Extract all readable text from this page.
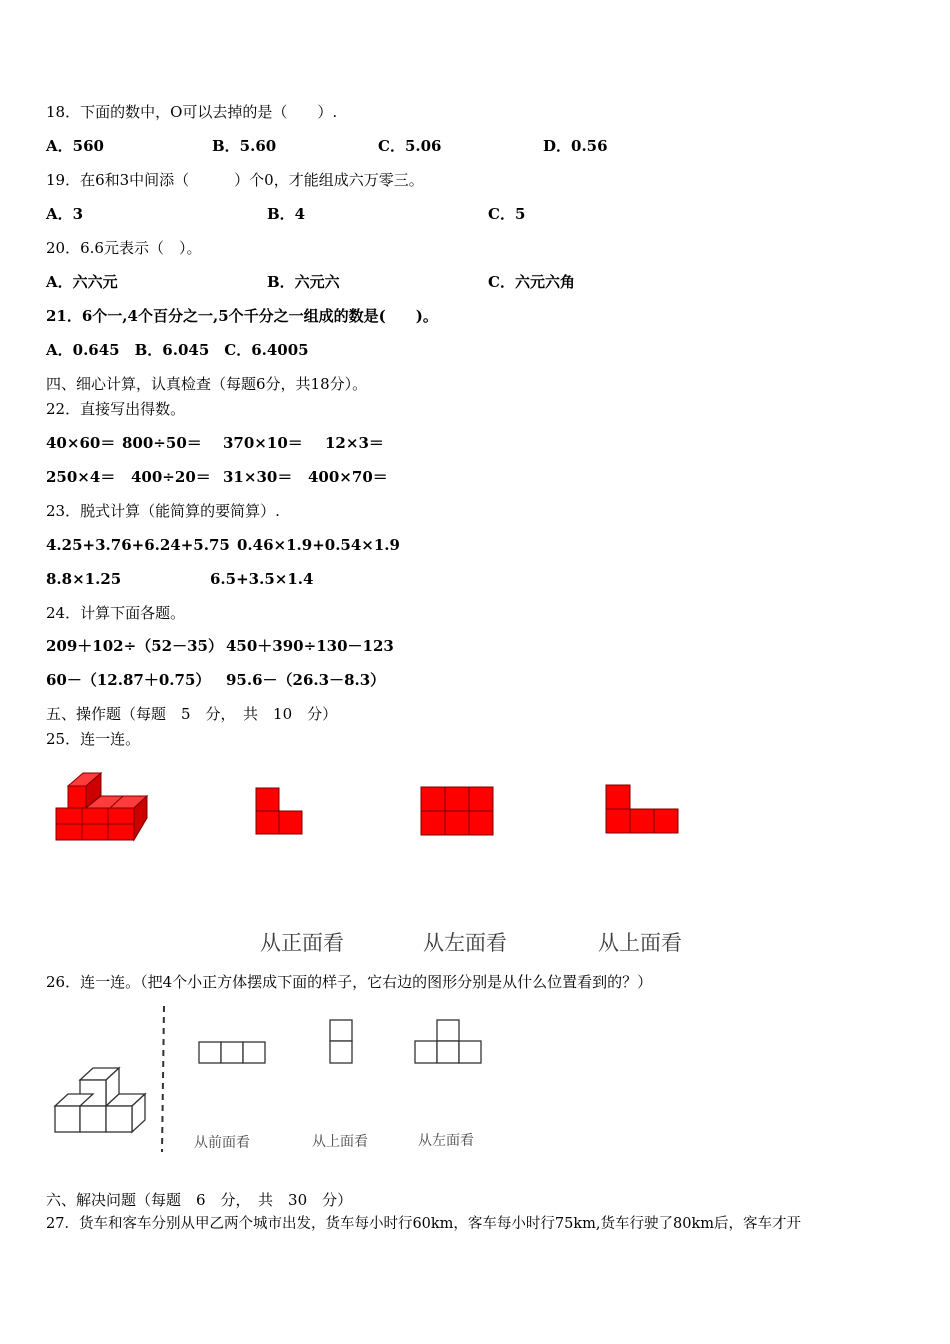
18．下面的数中，O可以去掉的是（　　）.
A．560	B．5.60	C．5.06	D．0.56
19．在6和3中间添（　　　）个0，才能组成六万零三。
A．3	B．4	C．5
20．6.6元表示（　）。
A．六六元	B．六元六	C．六元六角
21．6个一,4个百分之一,5个千分之一组成的数是(　　)。
A．0.645　B．6.045　C．6.4005
四、细心计算，认真检查（每题6分，共18分）。
22．直接写出得数。
40×60＝ 800÷50＝ 370×10＝ 12×3＝
250×4＝ 400÷20＝ 31×30＝ 400×70＝
23．脱式计算（能简算的要简算）.
4.25+3.76+6.24+5.75 0.46×1.9+0.54×1.9
8.8×1.25	6.5+3.5×1.4
24．计算下面各题。
209＋102÷（52－35） 450＋390÷130－123
60－（12.87＋0.75） 95.6－（26.3－8.3）
五、操作题（每题　5　分，　共　10　分）
25．连一连。
从正面看	从左面看	从上面看
26．连一连。（把4个小正方体摆成下面的样子，它右边的图形分别是从什么位置看到的？）
从前面看	从上面看	从左面看
六、解决问题（每题　6　分，　共　30　分）
27．货车和客车分别从甲乙两个城市出发，货车每小时行60km，客车每小时行75km,货车行驶了80km后，客车才开
